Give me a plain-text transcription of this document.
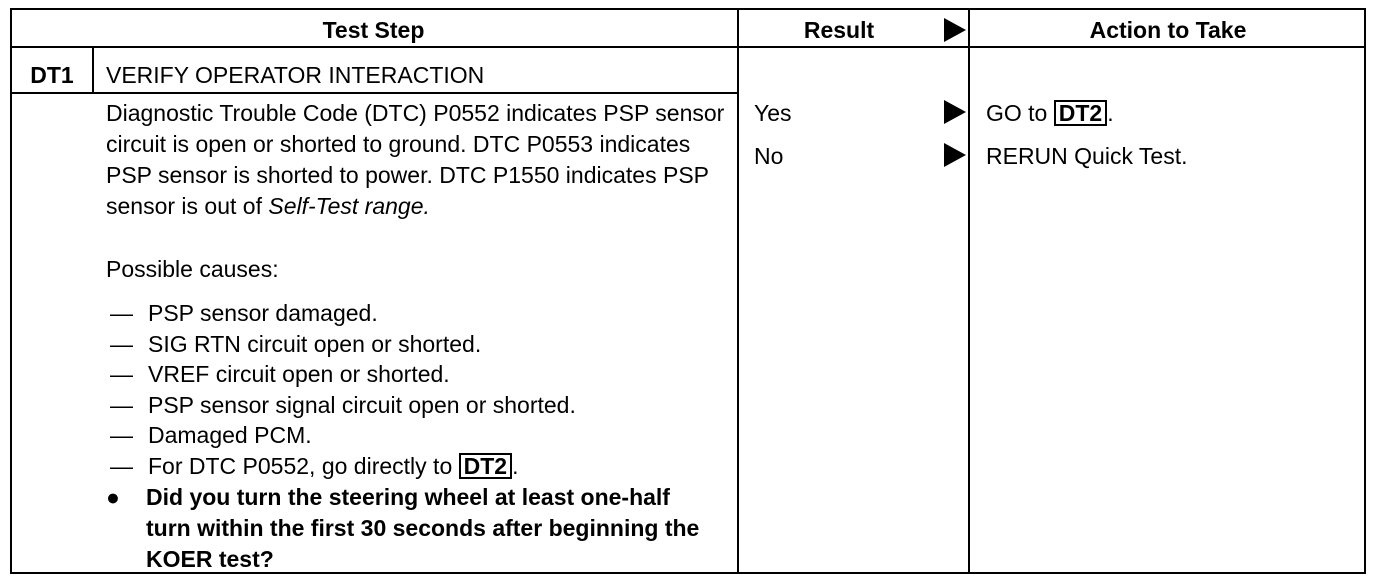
Test Step	Result	Action to Take
DT1	VERIFY OPERATOR INTERACTION
Diagnostic Trouble Code (DTC) P0552 indicates PSP sensor circuit is open or shorted to ground. DTC P0553 indicates PSP sensor is shorted to power. DTC P1550 indicates PSP sensor is out of Self-Test range.
Possible causes:
— PSP sensor damaged.
— SIG RTN circuit open or shorted.
— VREF circuit open or shorted.
— PSP sensor signal circuit open or shorted.
— Damaged PCM.
— For DTC P0552, go directly to DT2 .
● Did you turn the steering wheel at least one-half turn within the first 30 seconds after beginning the KOER test?
Yes	GO to DT2 .
No	RERUN Quick Test.
